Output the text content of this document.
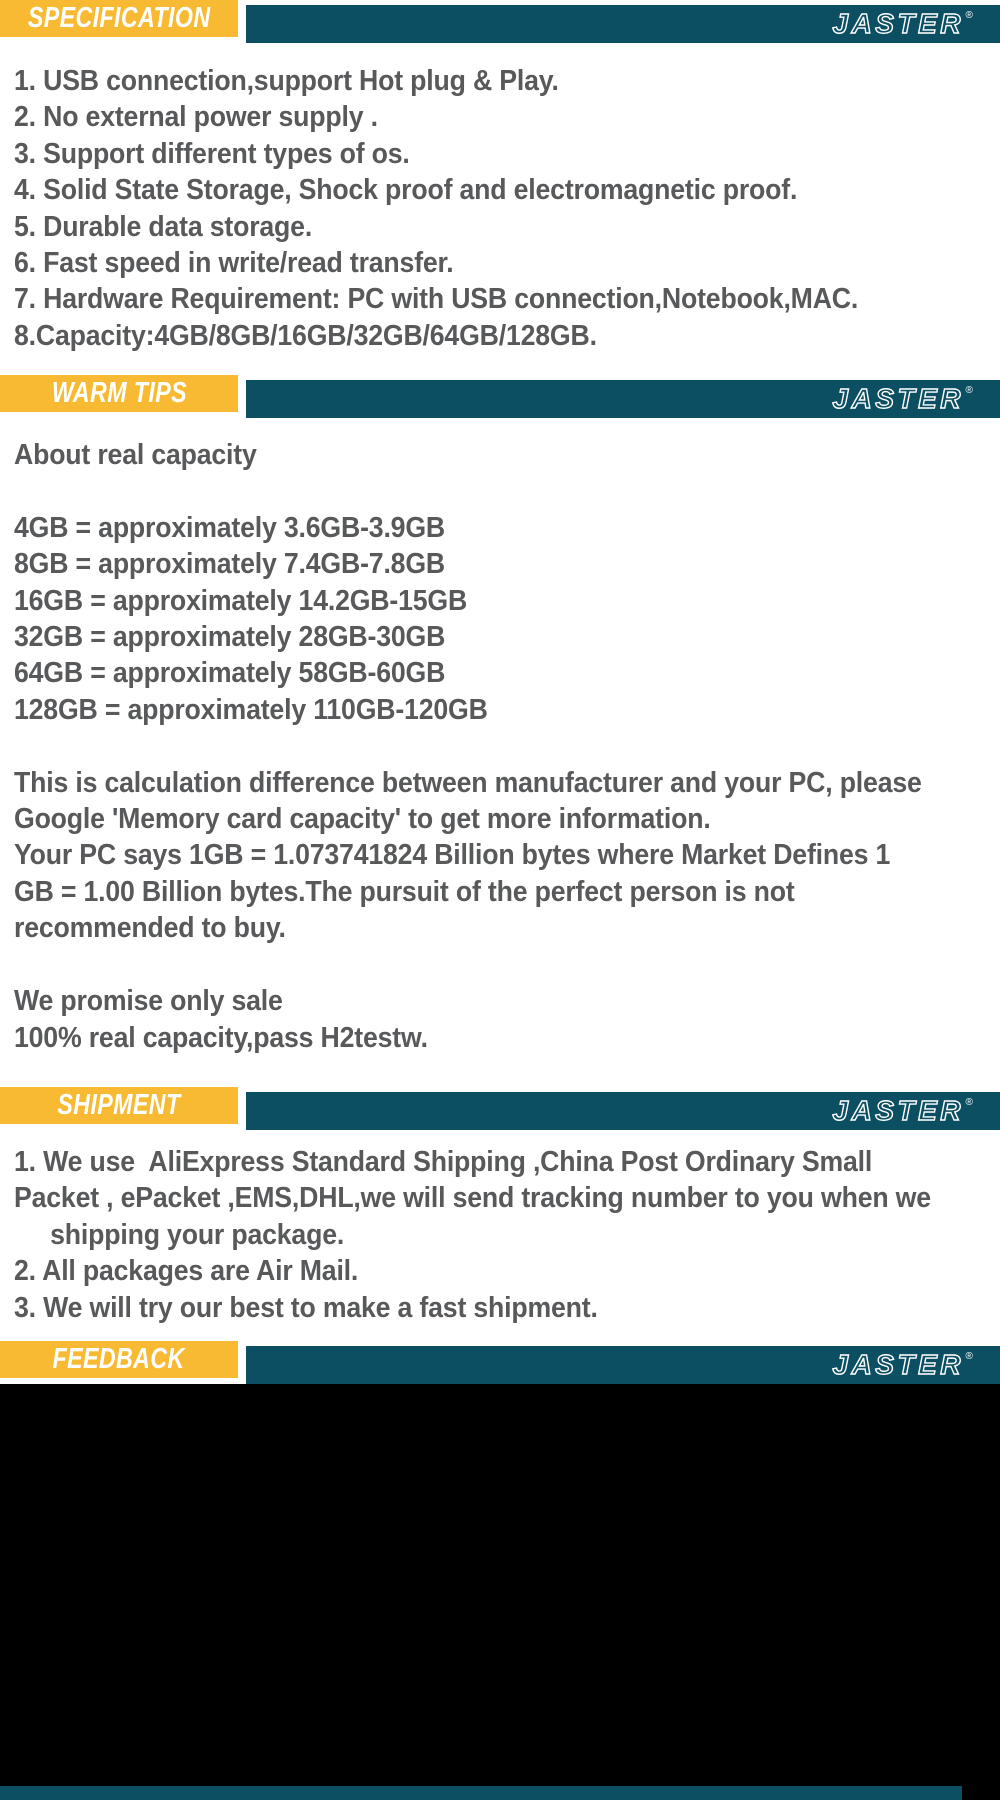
SPECIFICATION	JASTER ®
1. USB connection,support Hot plug & Play.
2. No external power supply .
3. Support different types of os.
4. Solid State Storage, Shock proof and electromagnetic proof.
5. Durable data storage.
6. Fast speed in write/read transfer.
7. Hardware Requirement: PC with USB connection,Notebook,MAC.
8.Capacity:4GB/8GB/16GB/32GB/64GB/128GB.
WARM TIPS	JASTER ®
About real capacity

4GB = approximately 3.6GB-3.9GB
8GB = approximately 7.4GB-7.8GB
16GB = approximately 14.2GB-15GB
32GB = approximately 28GB-30GB
64GB = approximately 58GB-60GB
128GB = approximately 110GB-120GB

This is calculation difference between manufacturer and your PC, please
Google 'Memory card capacity' to get more information.
Your PC says 1GB = 1.073741824 Billion bytes where Market Defines 1
GB = 1.00 Billion bytes.The pursuit of the perfect person is not
recommended to buy.

We promise only sale
100% real capacity,pass H2testw.
SHIPMENT	JASTER ®
1. We use  AliExpress Standard Shipping ,China Post Ordinary Small
Packet , ePacket ,EMS,DHL,we will send tracking number to you when we
shipping your package.
2. All packages are Air Mail.
3. We will try our best to make a fast shipment.
FEEDBACK	JASTER ®
